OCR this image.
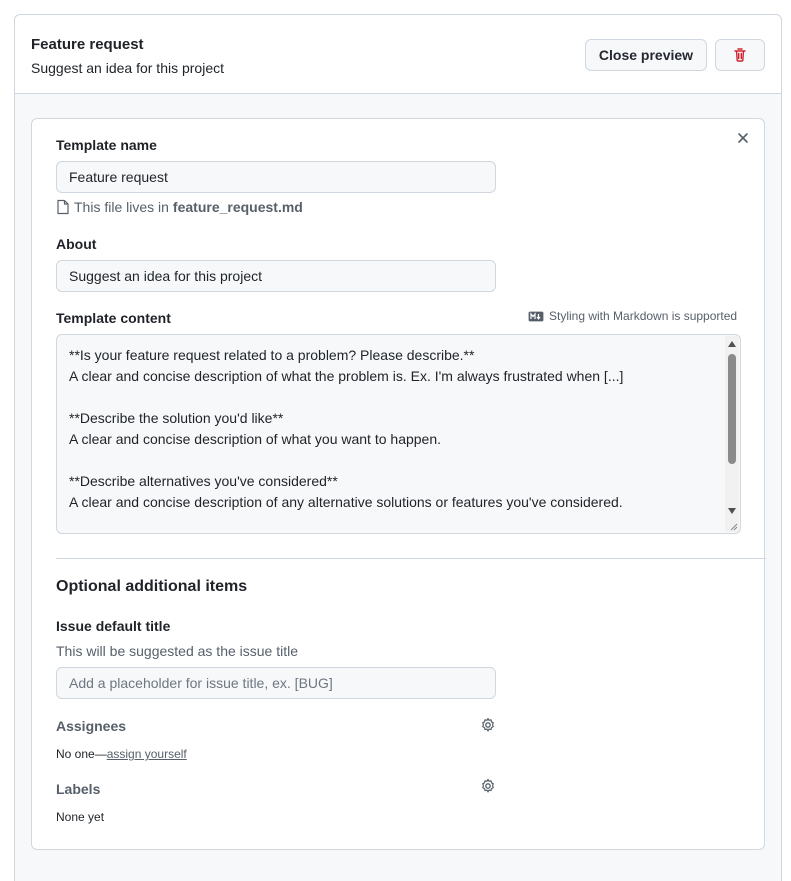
Feature request
Suggest an idea for this project
Close preview
Template name
Feature request
This file lives in feature_request.md
About
Suggest an idea for this project
Template content	Styling with Markdown is supported
**Is your feature request related to a problem? Please describe.**
A clear and concise description of what the problem is. Ex. I'm always frustrated when [...]

**Describe the solution you'd like**
A clear and concise description of what you want to happen.

**Describe alternatives you've considered**
A clear and concise description of any alternative solutions or features you've considered.
Optional additional items
Issue default title
This will be suggested as the issue title
Add a placeholder for issue title, ex. [BUG]
Assignees
No one—assign yourself
Labels
None yet
